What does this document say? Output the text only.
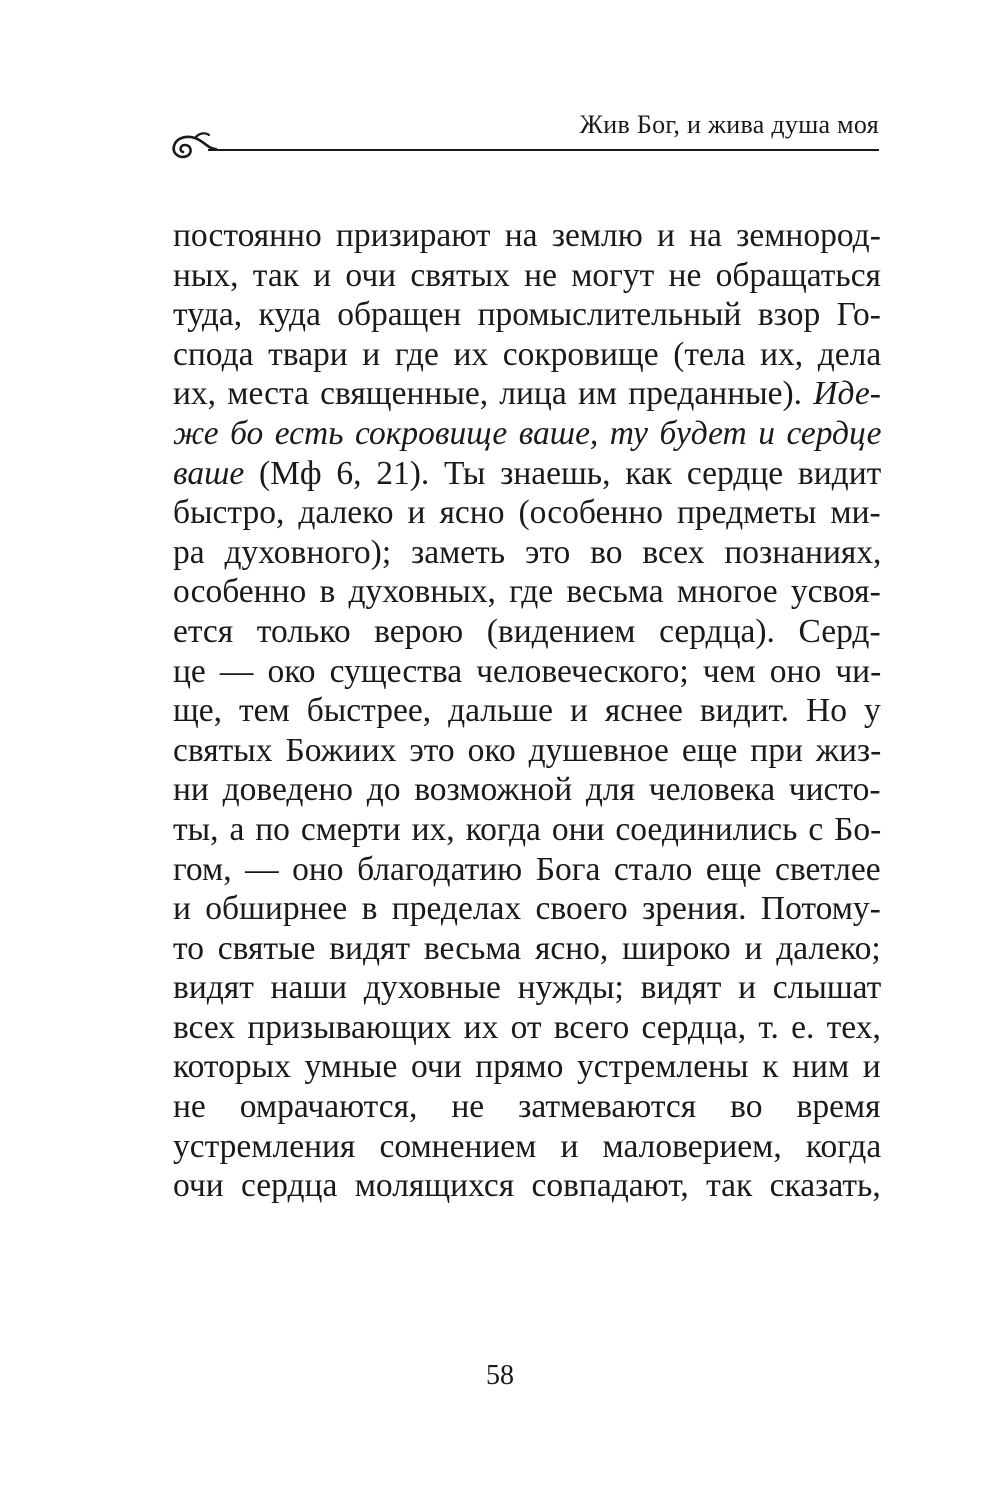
Жив Бог, и жива душа моя
постоянно призирают на землю и на земнород-
ных, так и очи святых не могут не обращаться
туда, куда обращен промыслительный взор Го-
спода твари и где их сокровище (тела их, дела
их, места священные, лица им преданные). Иде-
же бо есть сокровище ваше, ту будет и сердце
ваше (Мф 6, 21). Ты знаешь, как сердце видит
быстро, далеко и ясно (особенно предметы ми-
ра духовного); заметь это во всех познаниях,
особенно в духовных, где весьма многое усвоя-
ется только верою (видением сердца). Серд-
це — око существа человеческого; чем оно чи-
ще, тем быстрее, дальше и яснее видит. Но у
святых Божиих это око душевное еще при жиз-
ни доведено до возможной для человека чисто-
ты, а по смерти их, когда они соединились с Бо-
гом, — оно благодатию Бога стало еще светлее
и обширнее в пределах своего зрения. Потому-
то святые видят весьма ясно, широко и далеко;
видят наши духовные нужды; видят и слышат
всех призывающих их от всего сердца, т. е. тех,
которых умные очи прямо устремлены к ним и
не омрачаются, не затмеваются во время
устремления сомнением и маловерием, когда
очи сердца молящихся совпадают, так сказать,
58
